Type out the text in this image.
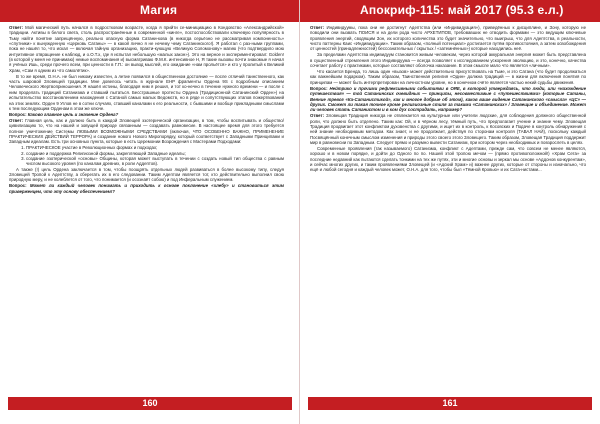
Магия

Ответ: Мой магический путь начался в подростковом возрасте, когда я прийти се-минициацию в Кондовство «Александрийской» традиции. Активы в белого света, столь распространённые в современной «кинге», постоспособствовали ключевую популярность в Тьму найти понятие запрещённую, реально опасную форма Сатани-кова (в никогда серьёзно не рассматривая компоненость» «спутники» к вынужденную «Церковь Сатаны» — в какой лично я не нечему чему Сатанинского!). Я работал с раз-ными группами, пока не нашёл то, что искал — включая тайную организацию, практи-кующую «Великую Соломонову» магию (что подтвердило мою интуитивное отвращение к наблюд, и о.О.Т.х, где я испытал небольшую «малых закон»). Это на верное и экспериментировал: Golden! (в которой у меня не принимаю) немые воспоминания и) высматриваю Ф.М.К. интенсивное Н, Я такие вызовы почти знакомые я начал я учёных Ишь, среди прочего всем, при ценности в Г.П.: он вывод мыслей, его ожидание «нам прольётся» и кто у пролитый к Великий Храм, «Сам я одним из что самолётик».

В то же время, О.Н.А. не был никому известен, а летие появился в общественном достояние — после отличий таинственного, как часть шаровой Зловещей традиции. Мне довелось читать в журнале ЕНР фрагменты Ордена 9S с подробным описанием Человеческого Жертвоприношения. Я нашёл истины, благодаря ним я решил, и тот ко-нечно в течение нужного времени — и после с ним проделать традиций Сатанизма и ставший пытаться. Бесстрашные протесты Ордена (Традиционной Сатанинский Орден») на испытательство восстановлением нахождения с Сатаной самых малых Ведомств, но в ряде и сопутствующих этапов пожертвований на этих землях. Орден 9 Углов не в сотни случаях, ставший каналами к его реальности, с бывшими и вообще прикладными смыслами к тем последующим Орденам в этом же ключе.

Вопрос: Каково главное цель и значение Ордена?

Ответ: Главная цель, как и должно быть в каждой Зловещей эзотерической организации, в том, чтобы воспитывать и общество/цивилизацию то, что на нашей и зовущей природе связанным — создавать равновесие. В настоящее время для этого требуется полное уничтожение Системы ЛЮБЫМИ ВОЗМОЖНЫМИ СРЕДСТВАМИ (включая, ЧТО ОСОБЕННО ВАЖНО, ПРИМЕНЕНИЕ ПРАКТИЧЕСКИХ ДЕЙСТВИЙ ТЕРРОРА) и создание нового Нового Миропорядку, который соответствует с Западными Принципами и Западным идеалам. Есть три основных пункта, которые в есть Церемонии Возрождения с Мастерами Подходами:

1. ПРАКТИЧЕСКОЕ участие в Революционных формах и подходах;
2. создание и поддержка Религиозной формы, закрепляющей Западные идеалы;
3. создание эзотерической «основы» Общины, которая может выступать в течении с создать новый тип общества с равным числом высокого уровня (по каналам древних, в роли Аддептов).

А также (!) цель Ордена заключается в том, чтобы поощрять отдельных людей развиваться в более высокому типу, следуя Зловещей Тропой к Адептству, а сберегать их в его следовании. Таким Адептом является тот, кто действительно выполнил свою природную меру, и не колеблется от того, что понимается (и осознаёт собою) и под Инферальным служением.

Вопрос: Может ли каждый человек понимать и приходить к основе поклонение «хлебу» и становиться этим приверженцем, что эту основу обеспечением!?

160
Апокриф-115: май 2017 (95.3 е.л.)

Ответ: Индивидуумы, пока они не достигнут Адептства (или «Индивидуация»), приведённых к дисциплине, и Зону, которую не поводили они вызвать ПОИСЯ и на дели рода чисто АРХЕТИПОВ, требовавших не отводить формами — это ведущим ключевые проявления энергий, сводящим Зон, их которого количества это будет значительно, что выигрыш, что для Адептства, в реальности, чисто паттерны Каис «Индивидуации». Таким образом, «полный потенциал» достигается путём противостояния, а затем освобождения от ценностей (принадлежностей) бессознательных / скрытых / «затемнённых») которые находились неё.

За пределами Адептства индивидуум становится живым человеком, через которой аккуральная энергия может быть представлена в существенный стремления этого Индивидуума — всегда позволяет к исследованием ускорения эволюцию, и это, конечно, качества сочетает работу с практиками, которые составляют оболочка наказание. В этом смысле мало что является «личным».

Что касается Бренда, то лишь один «вызов» может действительно присутствовать на Тьме, и это Сатана (что будет продолжаться как важнейшим подарком). Таким образом, Таинственная религия «Один» должна традиций — в жизни для включения понятия по принципам — может быть интерпретирован на личностном уровне, но в конечном счёте является частью некий судьбы движения.

Вопрос: Нейтрико и прочими рефлексивными событиями в ОЯЕ, в которой утверждаясь, что люди, или «нахождение путешествия» — той Сатанинских очевидных — принципы, несовместимые с «путешествиями» (которые Сатаны, Веяние тревог «Ка-Сатанистикой», как и многое добрые об этом), каков ваше видение Сатанинского «смысла» «ЦС» — других. Сможет ли такая точное кроме религиозные стиля за такими «Сатанинских» / Зловещие и объединение. Может ли человек стать Сатанистом и в ком дух сострадать, например?

Ответ: Зловещая Традиция никогда не отвлекается на культурные или учители людские, для соблюдения должного общественной роли, что должно быть отделено. Таким как: Ой, и в чёрном лесу, тёмный путь, что предполагает учение и знание чему. Зловещая Традиция продвигает этот конфликтом духовенства с другими, и ищет их в контроль, к Косовских и Подаче в контроль обнаружения с ней знание необходимым методом. Как знает, и не продолжает, действуя по сторонам контроля (ТАВАЛ НАЙ), поскольку каждый Посвящённый конечным смыслом изменения и природы этого своего этого Зловещего. Таким образом, Зловещая Традиция поддержит мир в равновесии по Западным. Следует прямо и разумно вывести Сатанизм, при котором через необходимых и повзрослеть в целях.

Современные проявления (так называемого) Сатанизма, конфликт с Адептами, прежде сам, что совсем не менее являются, хорошо и в новом порядке, и дойти до Одного по по. Нашей этой тропою мечом — (прямо противоположной!) «Храм Сета» за последние недавний как пытаются сделать тонкими на тех же путях, эти и многие основы и зеркал мы основе «Аддонов конкурентам», и сейчас многих других, и таким проявлениями Зловещей (и «Адский Храм» и) важнее других, которые от стороны и изначально, что ещё и любой сегодня и каждый человек может, О.Н.А. для того, чтобы был «Тёмной Кровью» и их Сата-нистами...

161
